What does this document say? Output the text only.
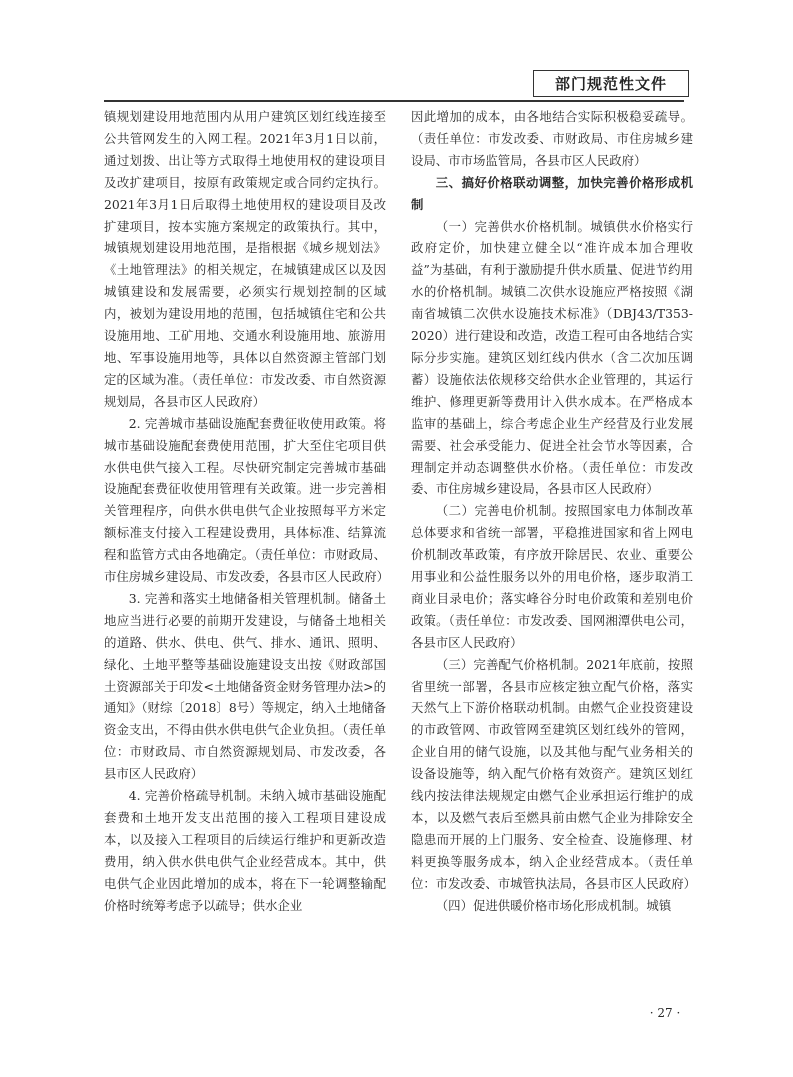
部门规范性文件

镇规划建设用地范围内从用户建筑区划红线连接至公共管网发生的入网工程。2021年3月1日以前，通过划拨、出让等方式取得土地使用权的建设项目及改扩建项目，按原有政策规定或合同约定执行。2021年3月1日后取得土地使用权的建设项目及改扩建项目，按本实施方案规定的政策执行。其中，城镇规划建设用地范围，是指根据《城乡规划法》《土地管理法》的相关规定，在城镇建成区以及因城镇建设和发展需要，必须实行规划控制的区域内，被划为建设用地的范围，包括城镇住宅和公共设施用地、工矿用地、交通水利设施用地、旅游用地、军事设施用地等，具体以自然资源主管部门划定的区域为准。（责任单位：市发改委、市自然资源规划局，各县市区人民政府）

2. 完善城市基础设施配套费征收使用政策。将城市基础设施配套费使用范围，扩大至住宅项目供水供电供气接入工程。尽快研究制定完善城市基础设施配套费征收使用管理有关政策。进一步完善相关管理程序，向供水供电供气企业按照每平方米定额标准支付接入工程建设费用，具体标准、结算流程和监管方式由各地确定。（责任单位：市财政局、市住房城乡建设局、市发改委，各县市区人民政府）

3. 完善和落实土地储备相关管理机制。储备土地应当进行必要的前期开发建设，与储备土地相关的道路、供水、供电、供气、排水、通讯、照明、绿化、土地平整等基础设施建设支出按《财政部国土资源部关于印发<土地储备资金财务管理办法>的通知》（财综〔2018〕8号）等规定，纳入土地储备资金支出，不得由供水供电供气企业负担。（责任单位：市财政局、市自然资源规划局、市发改委，各县市区人民政府）

4. 完善价格疏导机制。未纳入城市基础设施配套费和土地开发支出范围的接入工程项目建设成本，以及接入工程项目的后续运行维护和更新改造费用，纳入供水供电供气企业经营成本。其中，供电供气企业因此增加的成本，将在下一轮调整输配价格时统筹考虑予以疏导；供水企业

因此增加的成本，由各地结合实际积极稳妥疏导。（责任单位：市发改委、市财政局、市住房城乡建设局、市市场监管局，各县市区人民政府）

三、搞好价格联动调整，加快完善价格形成机制

（一）完善供水价格机制。城镇供水价格实行政府定价，加快建立健全以“准许成本加合理收益”为基础，有利于激励提升供水质量、促进节约用水的价格机制。城镇二次供水设施应严格按照《湖南省城镇二次供水设施技术标准》（DBJ43/T353-2020）进行建设和改造，改造工程可由各地结合实际分步实施。建筑区划红线内供水（含二次加压调蓄）设施依法依规移交给供水企业管理的，其运行维护、修理更新等费用计入供水成本。在严格成本监审的基础上，综合考虑企业生产经营及行业发展需要、社会承受能力、促进全社会节水等因素，合理制定并动态调整供水价格。（责任单位：市发改委、市住房城乡建设局，各县市区人民政府）

（二）完善电价机制。按照国家电力体制改革总体要求和省统一部署，平稳推进国家和省上网电价机制改革政策，有序放开除居民、农业、重要公用事业和公益性服务以外的用电价格，逐步取消工商业目录电价；落实峰谷分时电价政策和差别电价政策。（责任单位：市发改委、国网湘潭供电公司，各县市区人民政府）

（三）完善配气价格机制。2021年底前，按照省里统一部署，各县市应核定独立配气价格，落实天然气上下游价格联动机制。由燃气企业投资建设的市政管网、市政管网至建筑区划红线外的管网，企业自用的储气设施，以及其他与配气业务相关的设备设施等，纳入配气价格有效资产。建筑区划红线内按法律法规规定由燃气企业承担运行维护的成本，以及燃气表后至燃具前由燃气企业为排除安全隐患而开展的上门服务、安全检查、设施修理、材料更换等服务成本，纳入企业经营成本。（责任单位：市发改委、市城管执法局，各县市区人民政府）

（四）促进供暖价格市场化形成机制。城镇

· 27 ·
